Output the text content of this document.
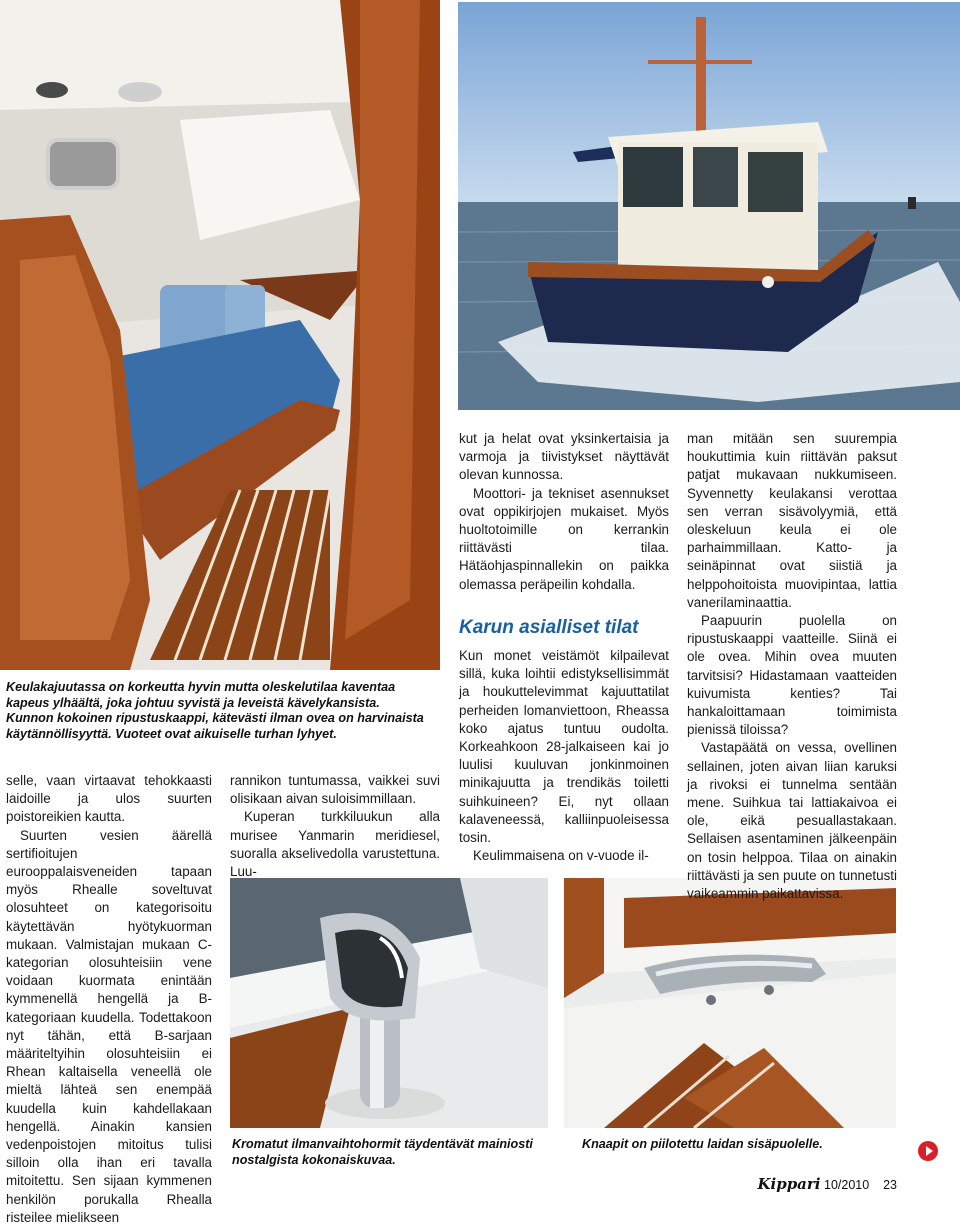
Keulakajuutassa on korkeutta hyvin mutta oleskelutilaa kaventaa kapeus ylhäältä, joka johtuu syvistä ja leveistä kävelykansista. Kunnon kokoinen ripustuskaappi, kätevästi ilman ovea on harvinaista käytännöllisyyttä. Vuoteet ovat aikuiselle turhan lyhyet.
Kromatut ilmanvaihtohormit täydentävät mainiosti nostalgista kokonaiskuvaa.
Knaapit on piilotettu laidan sisäpuolelle.

selle, vaan virtaavat tehokkaasti laidoille ja ulos suurten poistoreikien kautta.

Suurten vesien äärellä sertifioitujen eurooppalaisveneiden tapaan myös Rhealle soveltuvat olosuhteet on kategorisoitu käytettävän hyötykuorman mukaan. Valmistajan mukaan C-kategorian olosuhteisiin vene voidaan kuormata enintään kymmenellä hengellä ja B-kategoriaan kuudella. Todettakoon nyt tähän, että B-sarjaan määriteltyihin olosuhteisiin ei Rhean kaltaisella veneellä ole mieltä lähteä sen enempää kuudella kuin kahdellakaan hengellä. Ainakin kansien vedenpoistojen mitoitus tulisi silloin olla ihan eri tavalla mitoitettu. Sen sijaan kymmenen henkilön porukalla Rhealla risteilee mielikseen

rannikon tuntumassa, vaikkei suvi olisikaan aivan suloisimmillaan.

Kuperan turkkiluukun alla murisee Yanmarin meridiesel, suoralla akselivedolla varustettuna. Luu-

kut ja helat ovat yksinkertaisia ja varmoja ja tiivistykset näyttävät olevan kunnossa.

Moottori- ja tekniset asennukset ovat oppikirjojen mukaiset. Myös huoltotoimille on kerrankin riittävästi tilaa. Hätäohjaspinnallekin on paikka olemassa peräpeilin kohdalla.

Karun asialliset tilat

Kun monet veistämöt kilpailevat sillä, kuka loihtii edistyksellisimmät ja houkuttelevimmat kajuuttatilat perheiden lomanviettoon, Rheassa koko ajatus tuntuu oudolta. Korkeahkoon 28-jalkaiseen kai jo luulisi kuuluvan jonkinmoinen minikajuutta ja trendikäs toiletti suihkuineen? Ei, nyt ollaan kalaveneessä, kalliinpuoleisessa tosin.

Keulimmaisena on v-vuode il-

man mitään sen suurempia houkuttimia kuin riittävän paksut patjat mukavaan nukkumiseen. Syvennetty keulakansi verottaa sen verran sisävolyymiä, että oleskeluun keula ei ole parhaimmillaan. Katto- ja seinäpinnat ovat siistiä ja helppohoitoista muovipintaa, lattia vanerilaminaattia.

Paapuurin puolella on ripustuskaappi vaatteille. Siinä ei ole ovea. Mihin ovea muuten tarvitsisi? Hidastamaan vaatteiden kuivumista kenties? Tai hankaloittamaan toimimista pienissä tiloissa?

Vastapäätä on vessa, ovellinen sellainen, joten aivan liian karuksi ja rivoksi ei tunnelma sentään mene. Suihkua tai lattiakaivoa ei ole, eikä pesuallastakaan. Sellaisen asentaminen jälkeenpäin on tosin helppoa. Tilaa on ainakin riittävästi ja sen puute on tunnetusti vaikeammin paikattavissa.

Kippari 10/2010 23
